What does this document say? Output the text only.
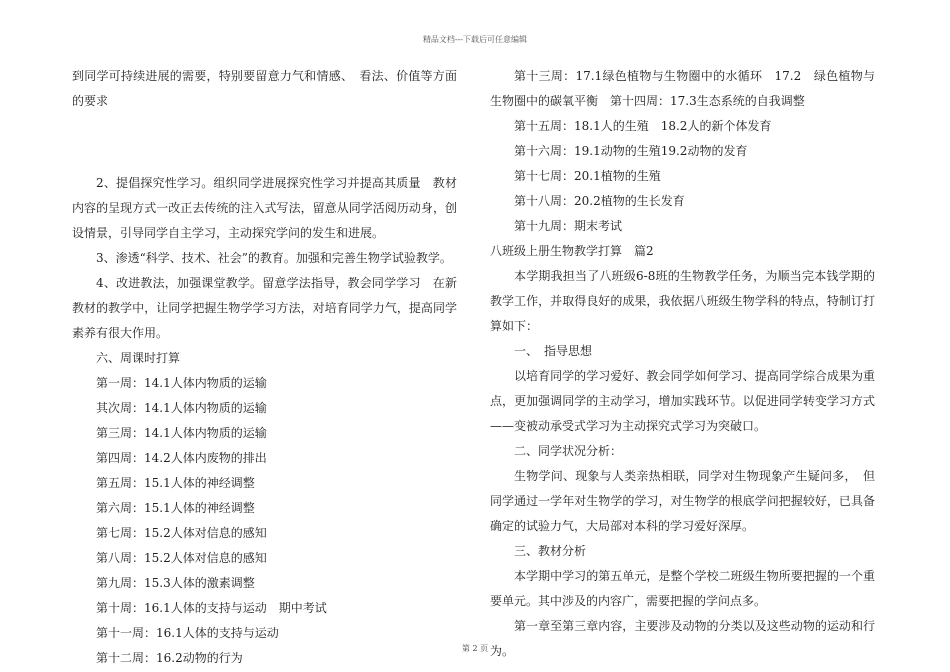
精品文档---下载后可任意编辑

到同学可持续进展的需要，特别要留意力气和情感、　看法、价值等方面的要求

2、提倡探究性学习。组织同学进展探究性学习并提高其质量　教材内容的呈现方式一改正去传统的注入式写法，留意从同学活阅历动身，创设情景，引导同学自主学习，主动探究学问的发生和进展。

3、渗透“科学、技术、社会”的教育。加强和完善生物学试验教学。

4、改进教法，加强课堂教学。留意学法指导，教会同学学习　在新教材的教学中，让同学把握生物学学习方法，对培育同学力气，提高同学素养有很大作用。

六、周课时打算

第一周：14.1人体内物质的运输

其次周：14.1人体内物质的运输

第三周：14.1人体内物质的运输

第四周：14.2人体内废物的排出

第五周：15.1人体的神经调整

第六周：15.1人体的神经调整

第七周：15.2人体对信息的感知

第八周：15.2人体对信息的感知

第九周：15.3人体的激素调整

第十周：16.1人体的支持与运动　期中考试

第十一周：16.1人体的支持与运动

第十二周：16.2动物的行为

第十三周：17.1绿色植物与生物圈中的水循环　17.2　绿色植物与生物圈中的碳氧平衡　第十四周：17.3生态系统的自我调整

第十五周：18.1人的生殖　18.2人的新个体发育

第十六周：19.1动物的生殖19.2动物的发育

第十七周：20.1植物的生殖

第十八周：20.2植物的生长发育

第十九周：期末考试

八班级上册生物教学打算　篇2

本学期我担当了八班级6-8班的生物教学任务，为顺当完本钱学期的教学工作，并取得良好的成果，我依据八班级生物学科的特点，特制订打算如下：

一、　指导思想

以培育同学的学习爱好、教会同学如何学习、提高同学综合成果为重点，更加强调同学的主动学习，增加实践环节。以促进同学转变学习方式——变被动承受式学习为主动探究式学习为突破口。

二、同学状况分析：

生物学问、现象与人类亲热相联，同学对生物现象产生疑问多，　但同学通过一学年对生物学的学习，对生物学的根底学问把握较好，已具备确定的试验力气，大局部对本科的学习爱好深厚。

三、教材分析

本学期中学习的第五单元，是整个学校二班级生物所要把握的一个重要单元。其中涉及的内容广，需要把握的学问点多。

第一章至第三章内容，主要涉及动物的分类以及这些动物的运动和行为。

第 2 页
